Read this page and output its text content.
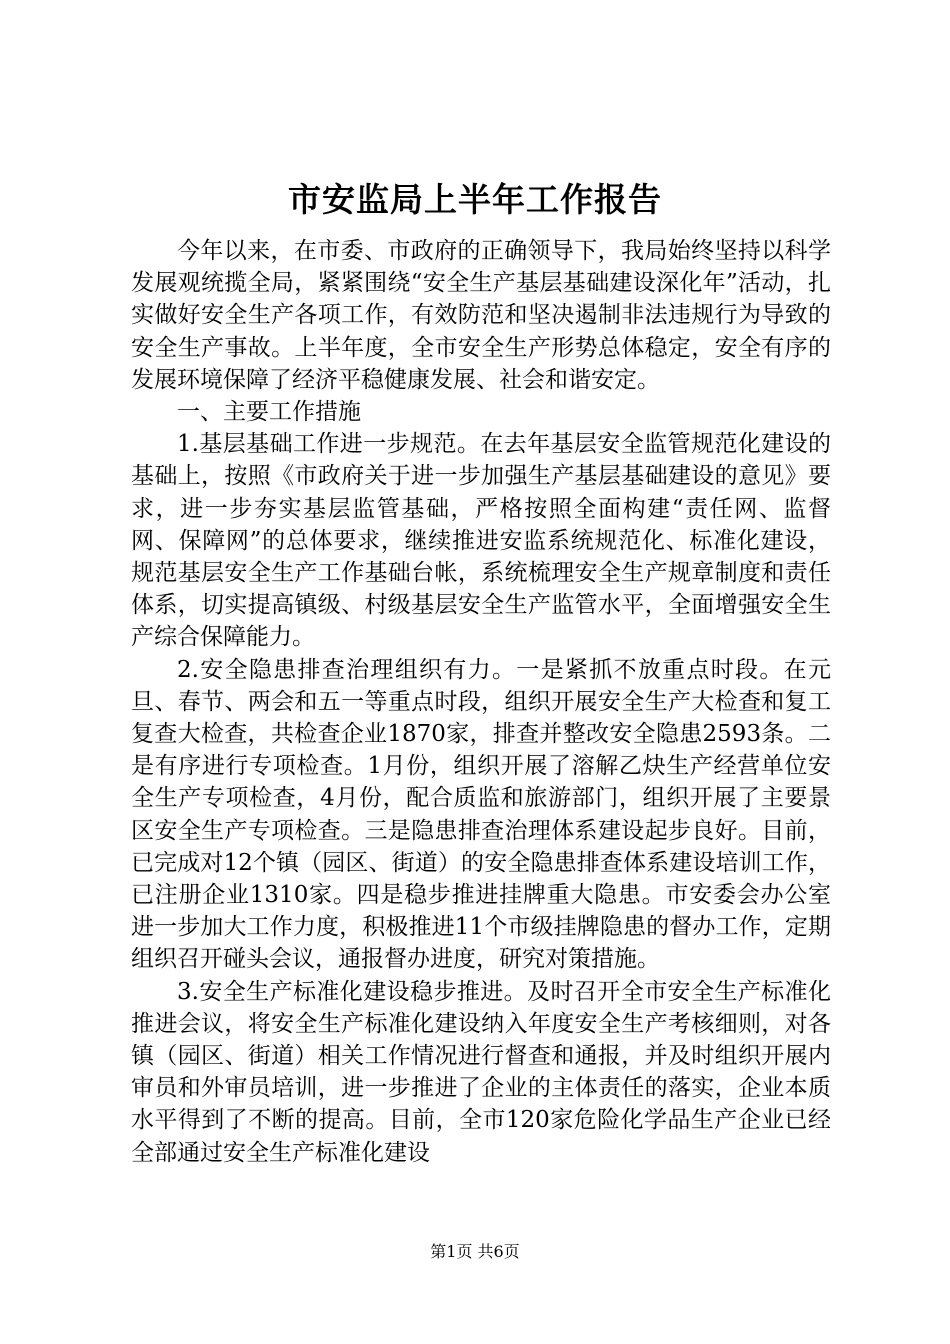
市安监局上半年工作报告

今年以来，在市委、市政府的正确领导下，我局始终坚持以科学发展观统揽全局，紧紧围绕“安全生产基层基础建设深化年”活动，扎实做好安全生产各项工作，有效防范和坚决遏制非法违规行为导致的安全生产事故。上半年度，全市安全生产形势总体稳定，安全有序的发展环境保障了经济平稳健康发展、社会和谐安定。

一、主要工作措施

1.基层基础工作进一步规范。在去年基层安全监管规范化建设的基础上，按照《市政府关于进一步加强生产基层基础建设的意见》要求，进一步夯实基层监管基础，严格按照全面构建“责任网、监督网、保障网”的总体要求，继续推进安监系统规范化、标准化建设，规范基层安全生产工作基础台帐，系统梳理安全生产规章制度和责任体系，切实提高镇级、村级基层安全生产监管水平，全面增强安全生产综合保障能力。

2.安全隐患排查治理组织有力。一是紧抓不放重点时段。在元旦、春节、两会和五一等重点时段，组织开展安全生产大检查和复工复查大检查，共检查企业1870家，排查并整改安全隐患2593条。二是有序进行专项检查。1月份，组织开展了溶解乙炔生产经营单位安全生产专项检查，4月份，配合质监和旅游部门，组织开展了主要景区安全生产专项检查。三是隐患排查治理体系建设起步良好。目前，已完成对12个镇（园区、街道）的安全隐患排查体系建设培训工作，已注册企业1310家。四是稳步推进挂牌重大隐患。市安委会办公室进一步加大工作力度，积极推进11个市级挂牌隐患的督办工作，定期组织召开碰头会议，通报督办进度，研究对策措施。

3.安全生产标准化建设稳步推进。及时召开全市安全生产标准化推进会议，将安全生产标准化建设纳入年度安全生产考核细则，对各镇（园区、街道）相关工作情况进行督查和通报，并及时组织开展内审员和外审员培训，进一步推进了企业的主体责任的落实，企业本质水平得到了不断的提高。目前，全市120家危险化学品生产企业已经全部通过安全生产标准化建设

第1页 共6页
